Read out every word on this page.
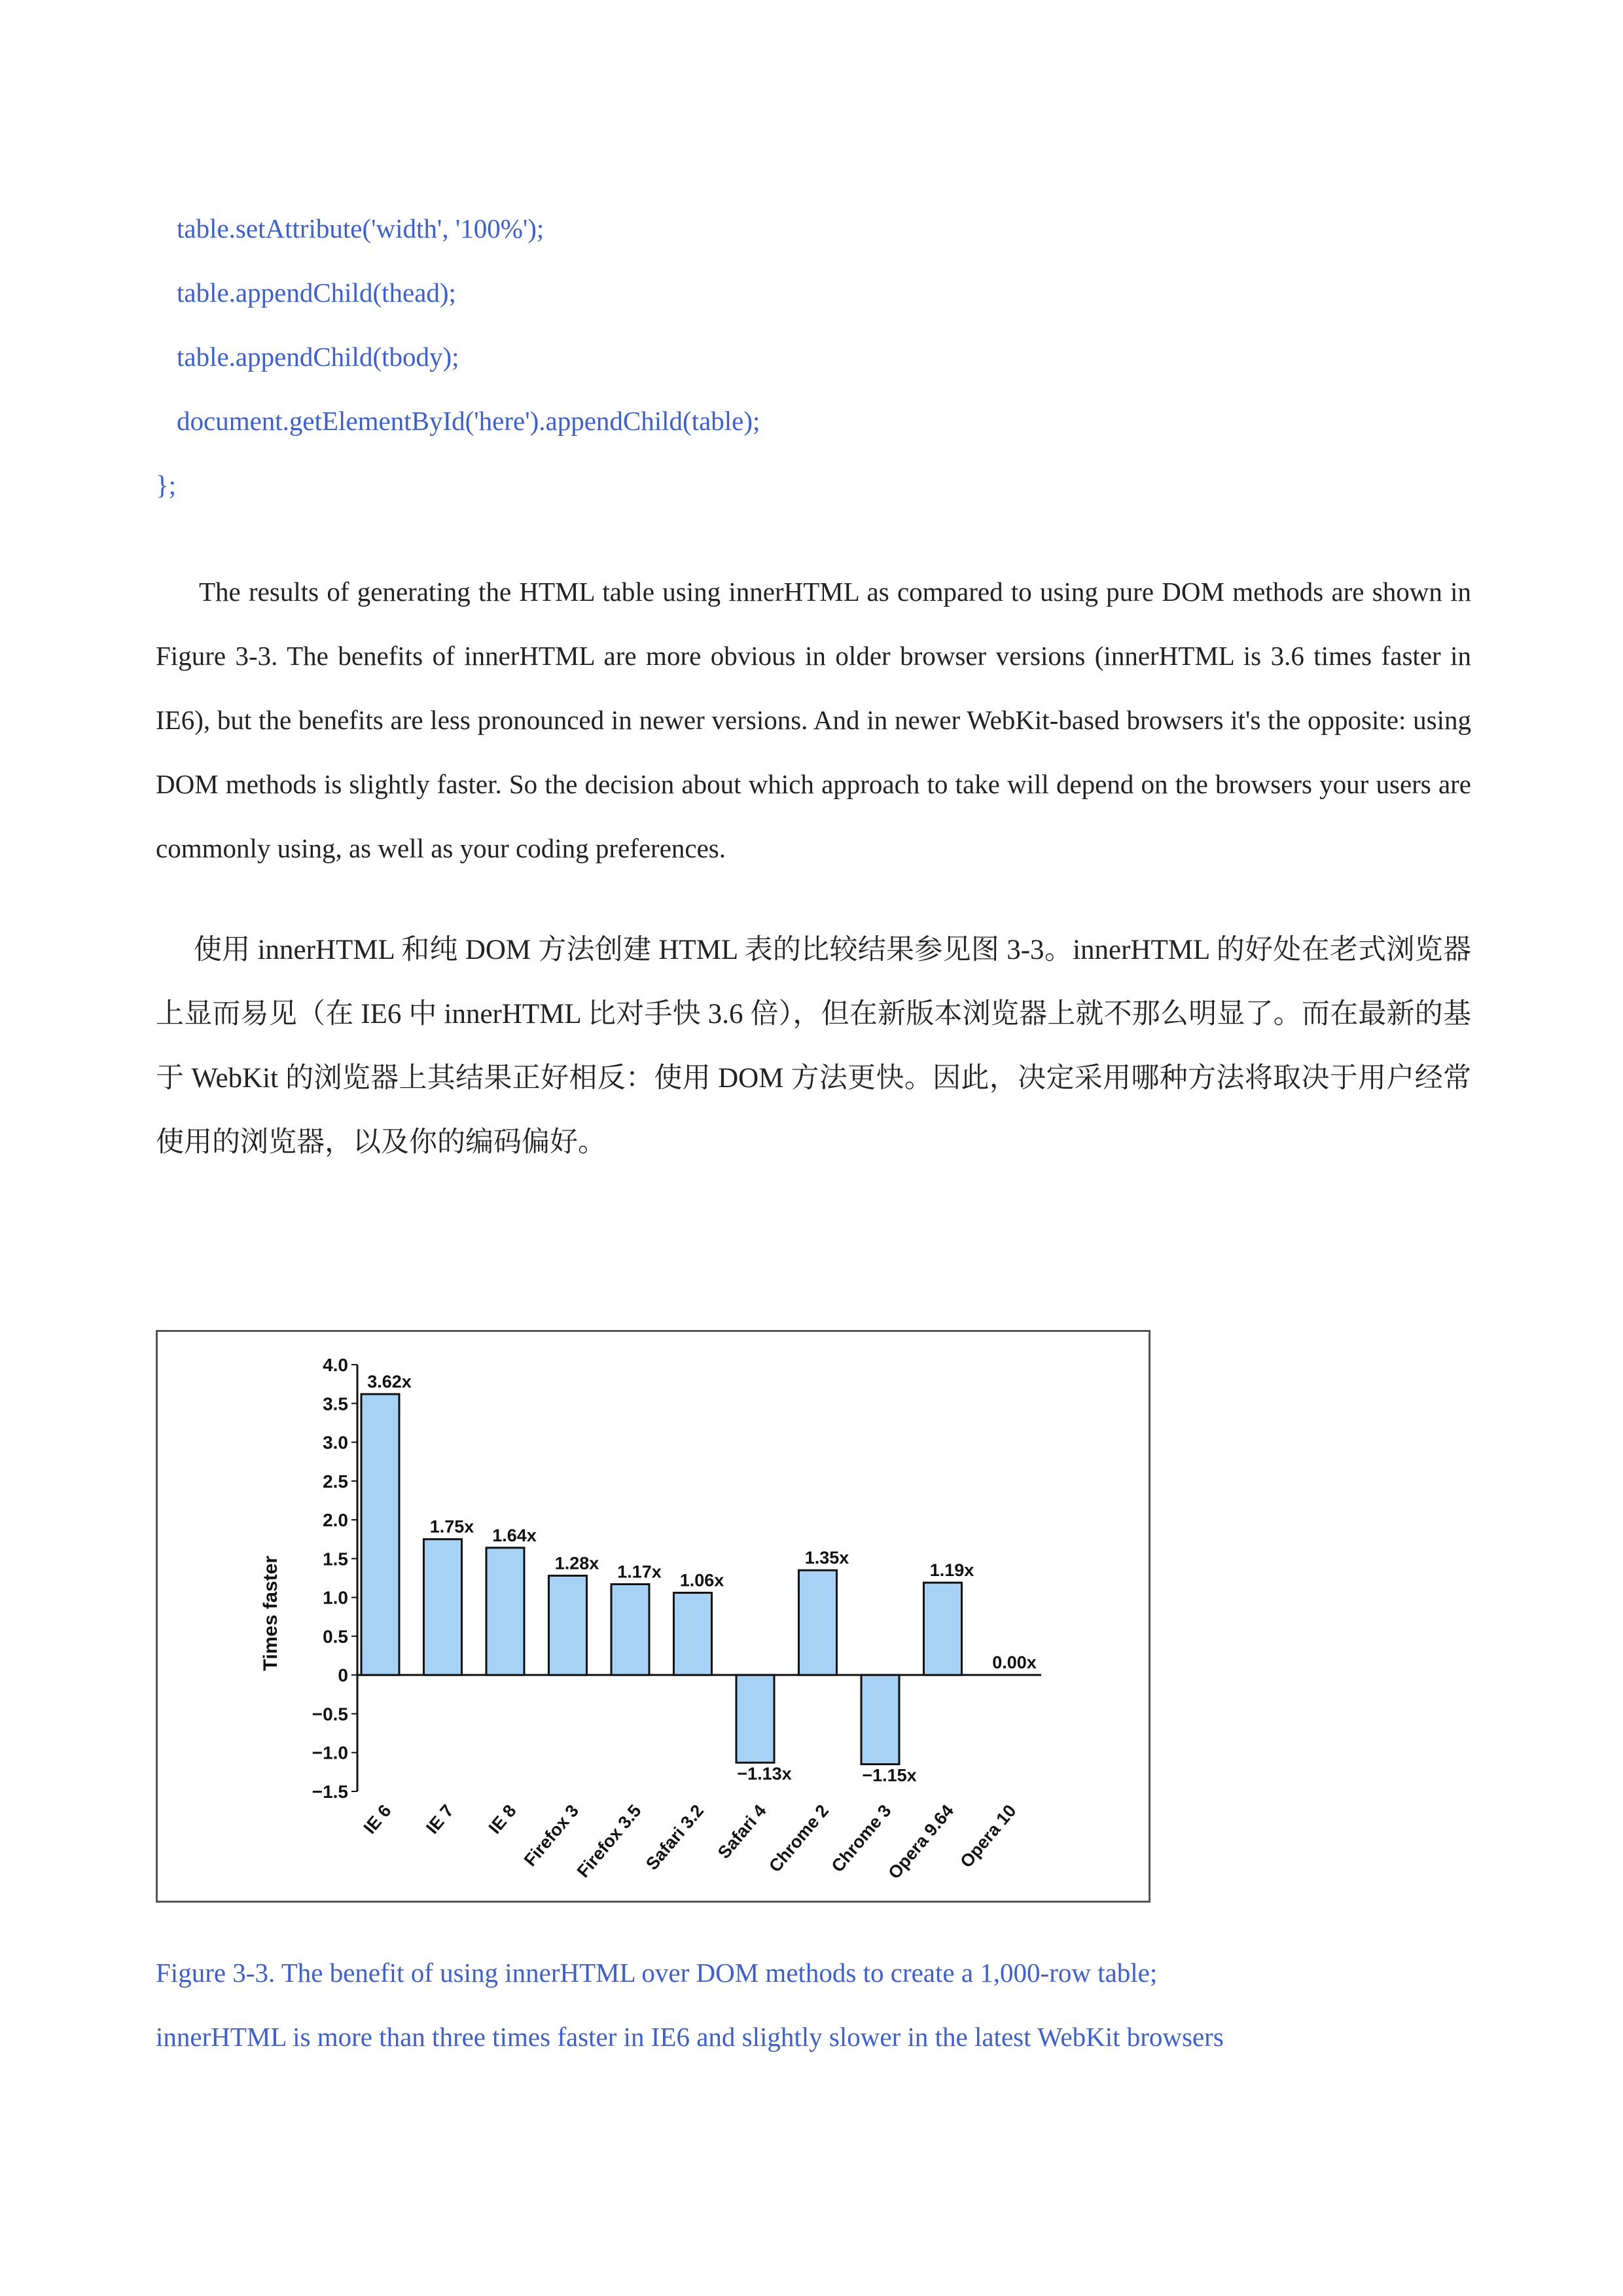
table.setAttribute('width', '100%');
table.appendChild(thead);
table.appendChild(tbody);
document.getElementById('here').appendChild(table);
};
The results of generating the HTML table using innerHTML as compared to using pure DOM methods are shown in Figure 3-3. The benefits of innerHTML are more obvious in older browser versions (innerHTML is 3.6 times faster in IE6), but the benefits are less pronounced in newer versions. And in newer WebKit-based browsers it's the opposite: using DOM methods is slightly faster. So the decision about which approach to take will depend on the browsers your users are commonly using, as well as your coding preferences.
使用 innerHTML 和纯 DOM 方法创建 HTML 表的比较结果参见图 3-3。innerHTML 的好处在老式浏览器上显而易见（在 IE6 中 innerHTML 比对手快 3.6 倍），但在新版本浏览器上就不那么明显了。而在最新的基于 WebKit 的浏览器上其结果正好相反：使用 DOM 方法更快。因此，决定采用哪种方法将取决于用户经常使用的浏览器，以及你的编码偏好。
4.0
3.5
3.0
2.5
2.0
1.5
1.0
0.5
0
−0.5
−1.0
−1.5
3.62x
1.75x 1.64x
1.28x 1.17x 1.06x
−1.13x
1.35x
−1.15x
1.19x
0.00x
IE 6 IE 7 IE 8 Firefox 3
Firefox 3.5
Safari 3.2 Safari 4
Chrome 2
Chrome 3
Opera 9.64
Opera 10
Times faster
Figure 3-3. The benefit of using innerHTML over DOM methods to create a 1,000-row table;
innerHTML is more than three times faster in IE6 and slightly slower in the latest WebKit browsers
